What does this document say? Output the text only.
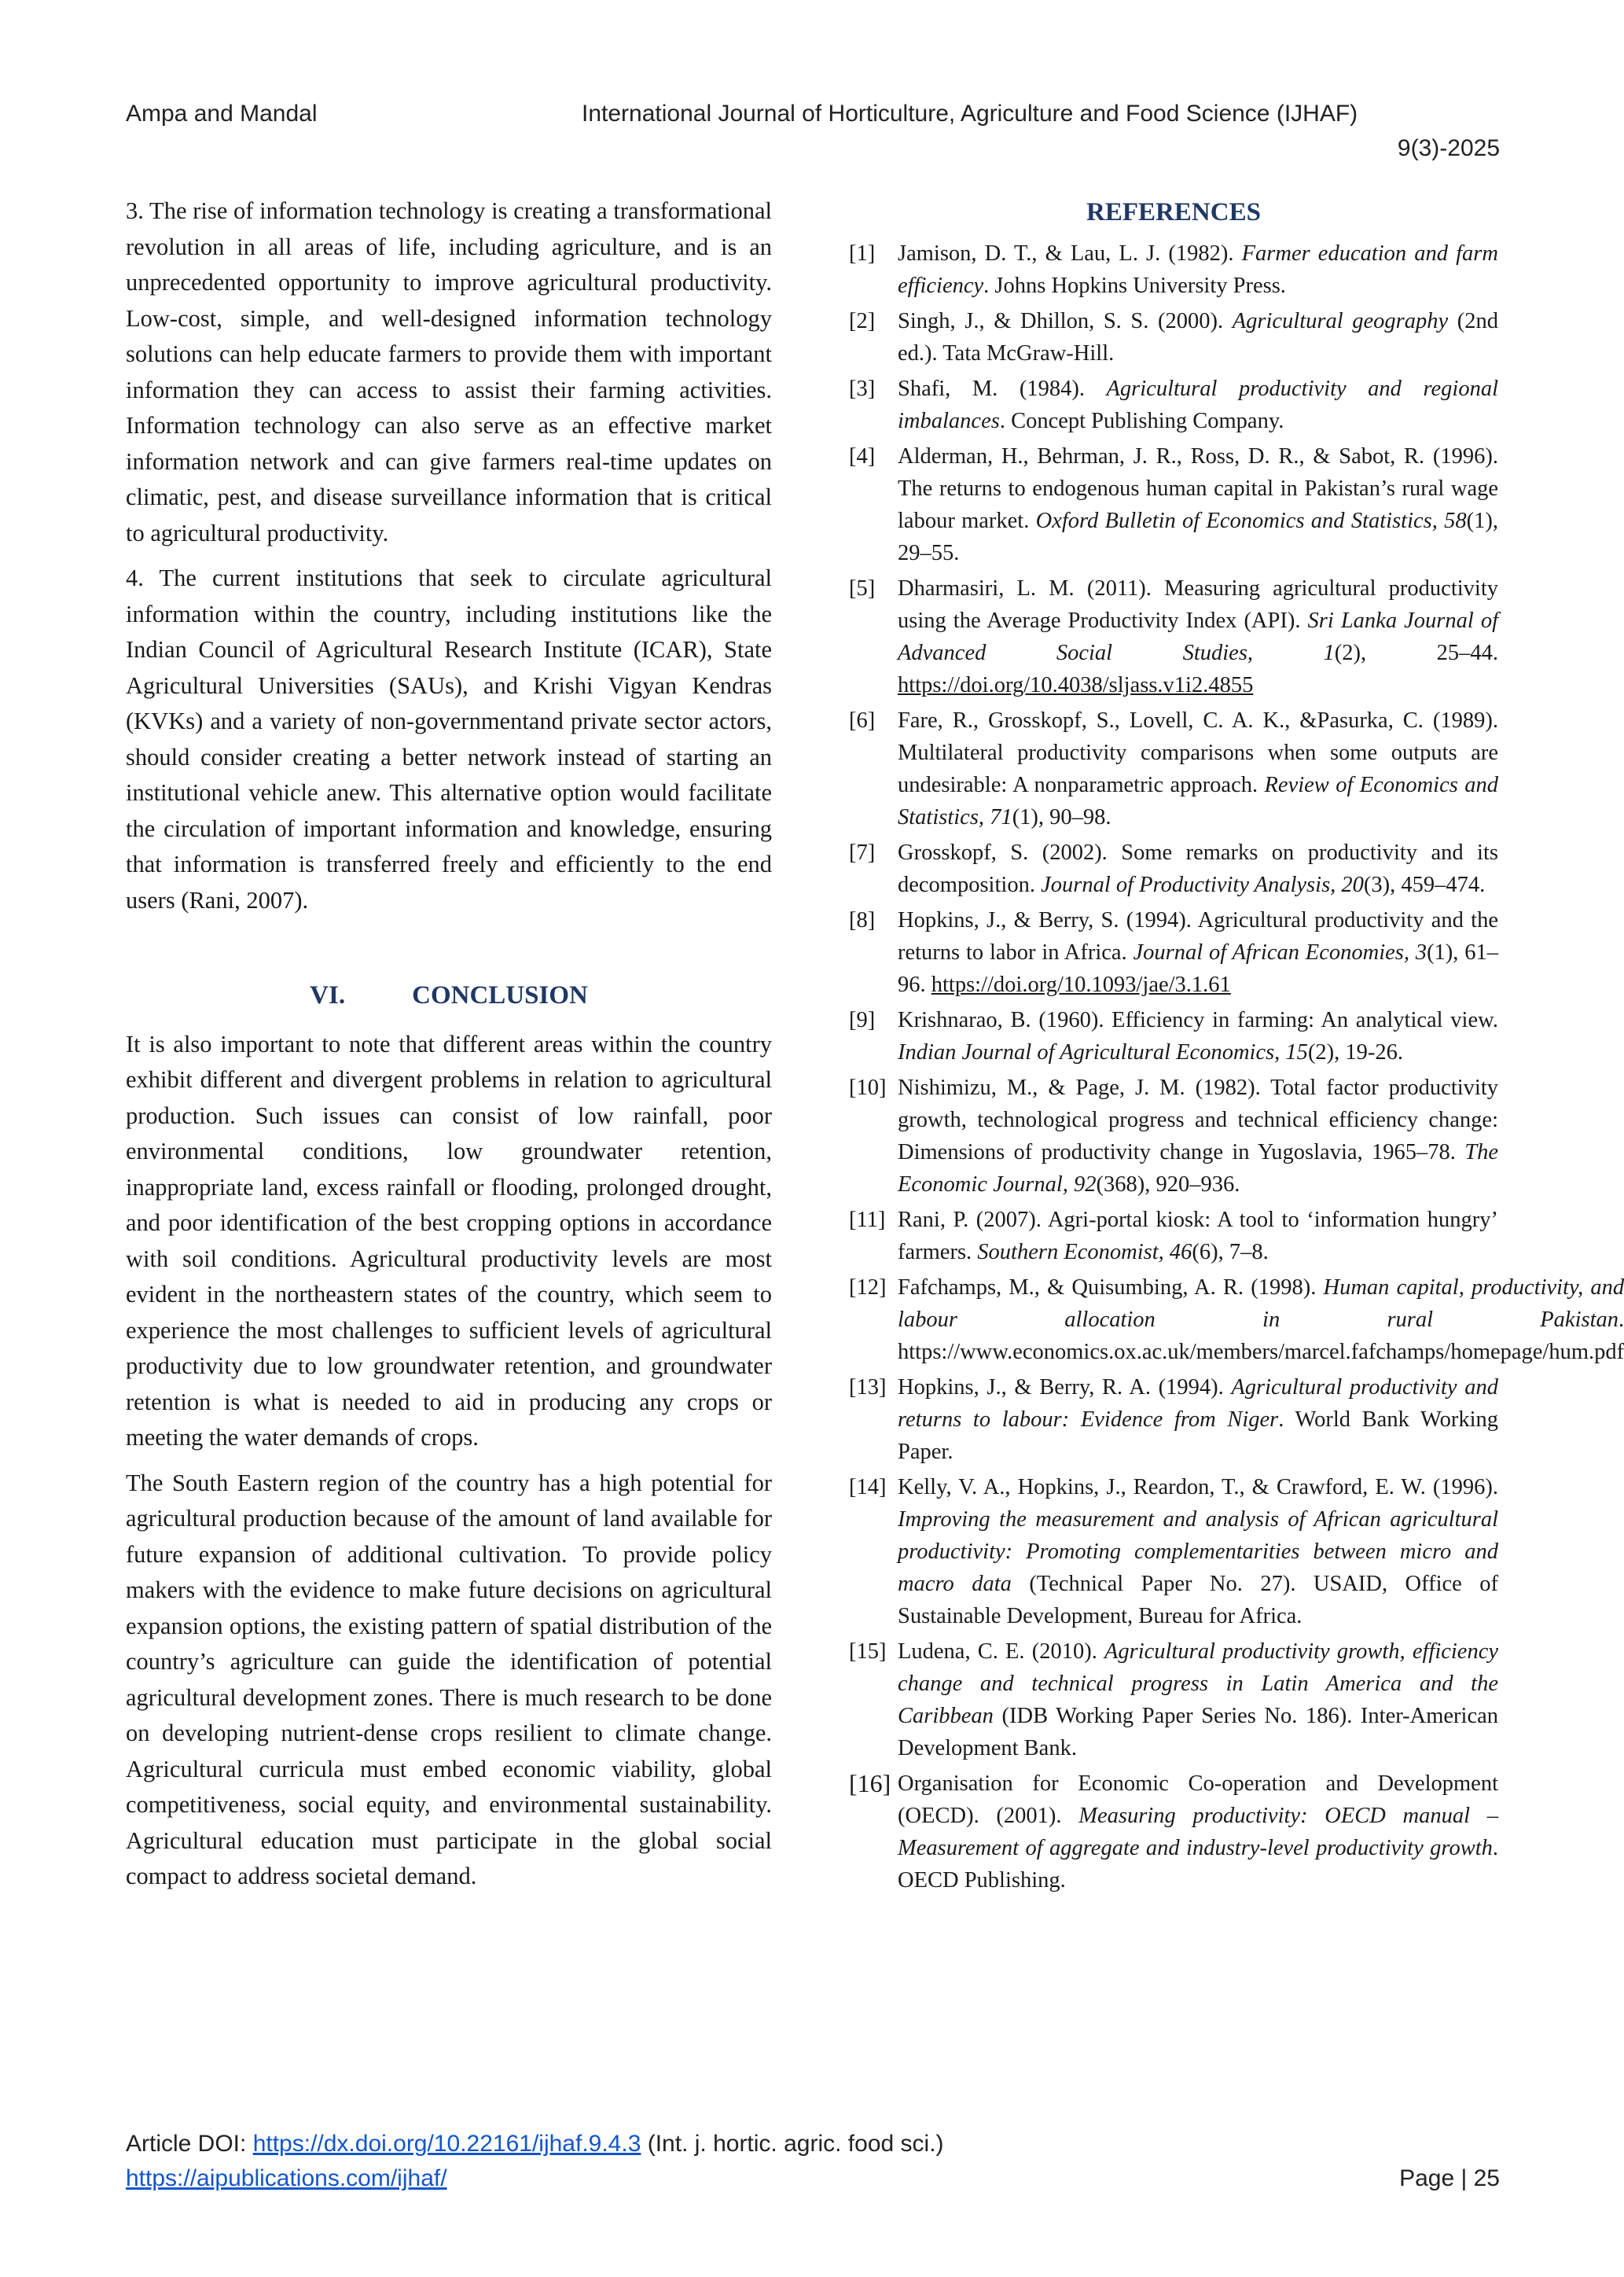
Ampa and Mandal	International Journal of Horticulture, Agriculture and Food Science (IJHAF)
9(3)-2025

3. The rise of information technology is creating a transformational revolution in all areas of life, including agriculture, and is an unprecedented opportunity to improve agricultural productivity. Low-cost, simple, and well-designed information technology solutions can help educate farmers to provide them with important information they can access to assist their farming activities. Information technology can also serve as an effective market information network and can give farmers real-time updates on climatic, pest, and disease surveillance information that is critical to agricultural productivity.

4. The current institutions that seek to circulate agricultural information within the country, including institutions like the Indian Council of Agricultural Research Institute (ICAR), State Agricultural Universities (SAUs), and Krishi Vigyan Kendras (KVKs) and a variety of non-governmentand private sector actors, should consider creating a better network instead of starting an institutional vehicle anew. This alternative option would facilitate the circulation of important information and knowledge, ensuring that information is transferred freely and efficiently to the end users (Rani, 2007).

VI.	CONCLUSION

It is also important to note that different areas within the country exhibit different and divergent problems in relation to agricultural production. Such issues can consist of low rainfall, poor environmental conditions, low groundwater retention, inappropriate land, excess rainfall or flooding, prolonged drought, and poor identification of the best cropping options in accordance with soil conditions. Agricultural productivity levels are most evident in the northeastern states of the country, which seem to experience the most challenges to sufficient levels of agricultural productivity due to low groundwater retention, and groundwater retention is what is needed to aid in producing any crops or meeting the water demands of crops.

The South Eastern region of the country has a high potential for agricultural production because of the amount of land available for future expansion of additional cultivation. To provide policy makers with the evidence to make future decisions on agricultural expansion options, the existing pattern of spatial distribution of the country’s agriculture can guide the identification of potential agricultural development zones. There is much research to be done on developing nutrient-dense crops resilient to climate change. Agricultural curricula must embed economic viability, global competitiveness, social equity, and environmental sustainability. Agricultural education must participate in the global social compact to address societal demand.

REFERENCES
[1]	Jamison, D. T., & Lau, L. J. (1982). Farmer education and farm efficiency. Johns Hopkins University Press.
[2]	Singh, J., & Dhillon, S. S. (2000). Agricultural geography (2nd ed.). Tata McGraw-Hill.
[3]	Shafi, M. (1984). Agricultural productivity and regional imbalances. Concept Publishing Company.
[4]	Alderman, H., Behrman, J. R., Ross, D. R., & Sabot, R. (1996). The returns to endogenous human capital in Pakistan’s rural wage labour market. Oxford Bulletin of Economics and Statistics, 58(1), 29–55.
[5]	Dharmasiri, L. M. (2011). Measuring agricultural productivity using the Average Productivity Index (API). Sri Lanka Journal of Advanced Social Studies, 1(2), 25–44. https://doi.org/10.4038/sljass.v1i2.4855
[6]	Fare, R., Grosskopf, S., Lovell, C. A. K., &Pasurka, C. (1989). Multilateral productivity comparisons when some outputs are undesirable: A nonparametric approach. Review of Economics and Statistics, 71(1), 90–98.
[7]	Grosskopf, S. (2002). Some remarks on productivity and its decomposition. Journal of Productivity Analysis, 20(3), 459–474.
[8]	Hopkins, J., & Berry, S. (1994). Agricultural productivity and the returns to labor in Africa. Journal of African Economies, 3(1), 61–96. https://doi.org/10.1093/jae/3.1.61
[9]	Krishnarao, B. (1960). Efficiency in farming: An analytical view. Indian Journal of Agricultural Economics, 15(2), 19-26.
[10] Nishimizu, M., & Page, J. M. (1982). Total factor productivity growth, technological progress and technical efficiency change: Dimensions of productivity change in Yugoslavia, 1965–78. The Economic Journal, 92(368), 920–936.
[11] Rani, P. (2007). Agri-portal kiosk: A tool to ‘information hungry’ farmers. Southern Economist, 46(6), 7–8.
[12] Fafchamps, M., & Quisumbing, A. R. (1998). Human capital, productivity, and labour allocation in rural Pakistan. https://www.economics.ox.ac.uk/members/marcel.fafchamps/homepage/hum.pdf
[13] Hopkins, J., & Berry, R. A. (1994). Agricultural productivity and returns to labour: Evidence from Niger. World Bank Working Paper.
[14] Kelly, V. A., Hopkins, J., Reardon, T., & Crawford, E. W. (1996). Improving the measurement and analysis of African agricultural productivity: Promoting complementarities between micro and macro data (Technical Paper No. 27). USAID, Office of Sustainable Development, Bureau for Africa.
[15] Ludena, C. E. (2010). Agricultural productivity growth, efficiency change and technical progress in Latin America and the Caribbean (IDB Working Paper Series No. 186). Inter-American Development Bank.
[16] Organisation for Economic Co-operation and Development (OECD). (2001). Measuring productivity: OECD manual – Measurement of aggregate and industry-level productivity growth. OECD Publishing.
Article DOI: https://dx.doi.org/10.22161/ijhaf.9.4.3 (Int. j. hortic. agric. food sci.)
https://aipublications.com/ijhaf/	Page | 25
